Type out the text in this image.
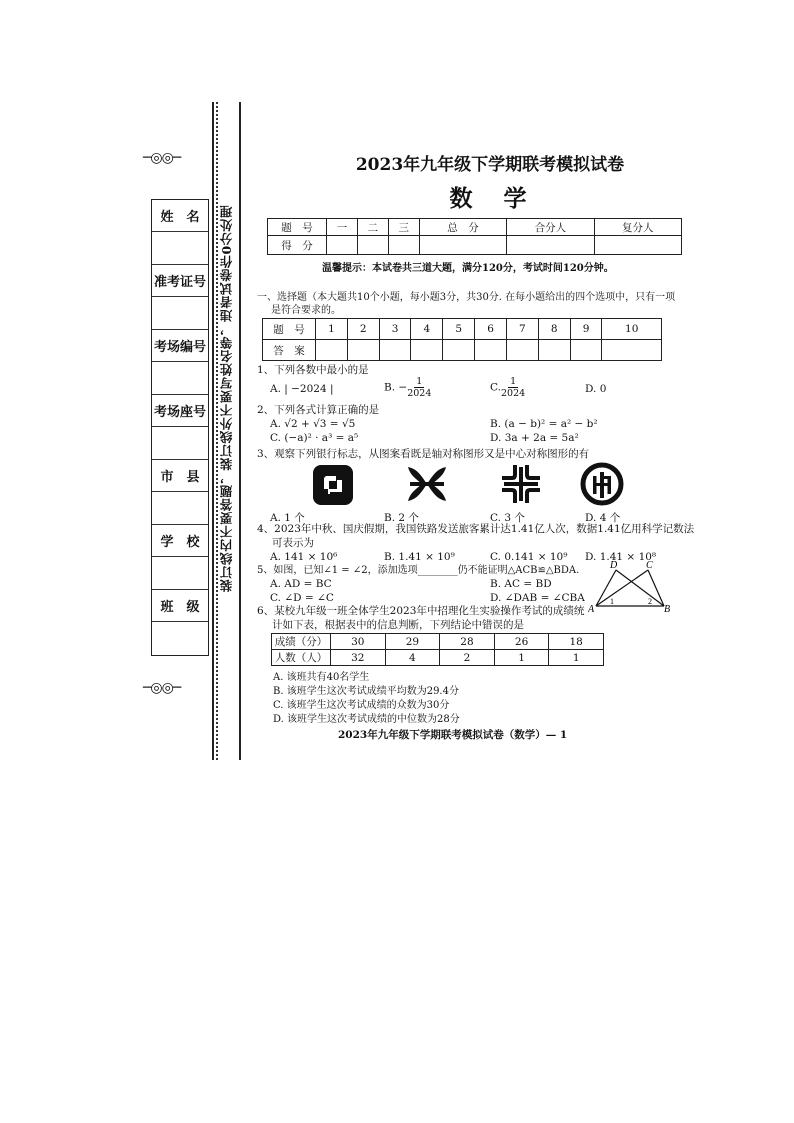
装订线内不要答题，装订线外不要写姓名等，违者试卷作0分处理
─◎◎─
─◎◎─
姓　名
准考证号
考场编号
考场座号
市　县
学　校
班　级
2023年九年级下学期联考模拟试卷
数　学
题　号	一	二	三	总　分	合分人	复分人
得　分						
温馨提示：本试卷共三道大题，满分120分，考试时间120分钟。
一、选择题（本大题共10个小题，每小题3分，共30分. 在每小题给出的四个选项中，只有一项
是符合要求的。
题　号	1	2	3	4	5	6	7	8	9	10
答　案										
1、下列各数中最小的是
A. | −2024 |	B. − $\frac{1}{2024}$	C. $\frac{1}{2024}$	D. 0
2、下列各式计算正确的是
A. √2 + √3 = √5	B. (a − b)² = a² − b²
C. (−a)² · a³ = a⁵	D. 3a + 2a = 5a²
3、观察下列银行标志，从图案看既是轴对称图形又是中心对称图形的有
A. 1 个	B. 2 个	C. 3 个	D. 4 个
4、2023年中秋、国庆假期，我国铁路发送旅客累计达1.41亿人次，数据1.41亿用科学记数法
可表示为
A. 141 × 10⁶	B. 1.41 × 10⁹	C. 0.141 × 10⁹ D. 1.41 × 10⁸
5、如图，已知∠1 = ∠2，添加选项________仍不能证明△ACB≌△BDA.
A. AD = BC	B. AC = BD
C. ∠D = ∠C	D. ∠DAB = ∠CBA
D	C
A	B
1	2
6、某校九年级一班全体学生2023年中招理化生实验操作考试的成绩统
计如下表，根据表中的信息判断，下列结论中错误的是
成绩（分）	30	29	28	26	18
人数（人）	32	4	2	1	1
A. 该班共有40名学生
B. 该班学生这次考试成绩平均数为29.4分
C. 该班学生这次考试成绩的众数为30分
D. 该班学生这次考试成绩的中位数为28分
2023年九年级下学期联考模拟试卷（数学）— 1
